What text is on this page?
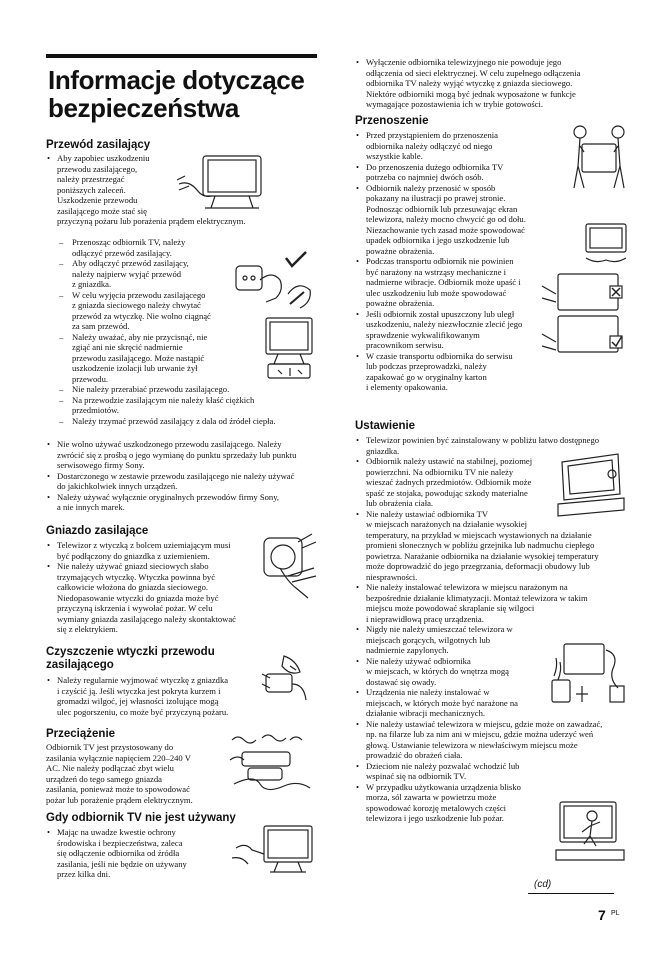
Informacje dotyczące bezpieczeństwa
Przewód zasilający

• Aby zapobiec uszkodzeniu

przewodu zasilającego,

należy przestrzegać

poniższych zaleceń.

Uszkodzenie przewodu

zasilającego może stać się

przyczyną pożaru lub porażenia prądem elektrycznym.

– Przenosząc odbiornik TV, należy
odłączyć przewód zasilający.
– Aby odłączyć przewód zasilający,
należy najpierw wyjąć przewód
z gniazdka.
– W celu wyjęcia przewodu zasilającego
z gniazda sieciowego należy chwytać
przewód za wtyczkę. Nie wolno ciągnąć
za sam przewód.
– Należy uważać, aby nie przycisnąć, nie
zgiąć ani nie skręcić nadmiernie
przewodu zasilającego. Może nastąpić
uszkodzenie izolacji lub urwanie żył
przewodu.
– Nie należy przerabiać przewodu zasilającego.
– Na przewodzie zasilającym nie należy kłaść ciężkich
przedmiotów.
– Należy trzymać przewód zasilający z dala od źródeł ciepła.
• Nie wolno używać uszkodzonego przewodu zasilającego. Należy
zwrócić się z prośbą o jego wymianę do punktu sprzedaży lub punktu
serwisowego firmy Sony.
• Dostarczonego w zestawie przewodu zasilającego nie należy używać
do jakichkolwiek innych urządzeń.
• Należy używać wyłącznie oryginalnych przewodów firmy Sony,
a nie innych marek.
Gniazdo zasilające
• Telewizor z wtyczką z bolcem uziemiającym musi
być podłączony do gniazdka z uziemieniem.
• Nie należy używać gniazd sieciowych słabo
trzymających wtyczkę. Wtyczka powinna być
całkowicie włożona do gniazda sieciowego.
Niedopasowanie wtyczki do gniazda może być
przyczyną iskrzenia i wywołać pożar. W celu
wymiany gniazda zasilającego należy skontaktować
się z elektrykiem.
Czyszczenie wtyczki przewodu
zasilającego
• Należy regularnie wyjmować wtyczkę z gniazdka
i czyścić ją. Jeśli wtyczka jest pokryta kurzem i
gromadzi wilgoć, jej własności izolujące mogą
ulec pogorszeniu, co może być przyczyną pożaru.
Przeciążenie

Odbiornik TV jest przystosowany do

zasilania wyłącznie napięciem 220–240 V

AC. Nie należy podłączać zbyt wielu

urządzeń do tego samego gniazda

zasilania, ponieważ może to spowodować

pożar lub porażenie prądem elektrycznym.

Gdy odbiornik TV nie jest używany
• Mając na uwadze kwestie ochrony
środowiska i bezpieczeństwa, zaleca
się odłączenie odbiornika od źródła
zasilania, jeśli nie będzie on używany
przez kilka dni.
• Wyłączenie odbiornika telewizyjnego nie powoduje jego
odłączenia od sieci elektrycznej. W celu zupełnego odłączenia
odbiornika TV należy wyjąć wtyczkę z gniazda sieciowego.
Niektóre odbiorniki mogą być jednak wyposażone w funkcje
wymagające pozostawienia ich w trybie gotowości.
Przenoszenie
• Przed przystąpieniem do przenoszenia
odbiornika należy odłączyć od niego
wszystkie kable.
• Do przenoszenia dużego odbiornika TV
potrzeba co najmniej dwóch osób.
• Odbiornik należy przenosić w sposób
pokazany na ilustracji po prawej stronie.
Podnosząc odbiornik lub przesuwając ekran
telewizora, należy mocno chwycić go od dołu.
Niezachowanie tych zasad może spowodować
upadek odbiornika i jego uszkodzenie lub
poważne obrażenia.
• Podczas transportu odbiornik nie powinien
być narażony na wstrząsy mechaniczne i
nadmierne wibracje. Odbiornik może upaść i
ulec uszkodzeniu lub może spowodować
poważne obrażenia.
• Jeśli odbiornik został upuszczony lub uległ
uszkodzeniu, należy niezwłocznie zlecić jego
sprawdzenie wykwalifikowanym
pracownikom serwisu.
• W czasie transportu odbiornika do serwisu
lub podczas przeprowadzki, należy
zapakować go w oryginalny karton
i elementy opakowania.
Ustawienie
• Telewizor powinien być zainstalowany w pobliżu łatwo dostępnego
gniazdka.
• Odbiornik należy ustawić na stabilnej, poziomej
powierzchni. Na odbiorniku TV nie należy
wieszać żadnych przedmiotów. Odbiornik może
spaść ze stojaka, powodując szkody materialne
lub obrażenia ciała.
• Nie należy ustawiać odbiornika TV
w miejscach narażonych na działanie wysokiej
temperatury, na przykład w miejscach wystawionych na działanie
promieni słonecznych w pobliżu grzejnika lub nadmuchu ciepłego
powietrza. Narażanie odbiornika na działanie wysokiej temperatury
może doprowadzić do jego przegrzania, deformacji obudowy lub
niesprawności.
• Nie należy instalować telewizora w miejscu narażonym na
bezpośrednie działanie klimatyzacji. Montaż telewizora w takim
miejscu może powodować skraplanie się wilgoci
i nieprawidłową pracę urządzenia.
• Nigdy nie należy umieszczać telewizora w
miejscach gorących, wilgotnych lub
nadmiernie zapylonych.
• Nie należy używać odbiornika
w miejscach, w których do wnętrza mogą
dostawać się owady.
• Urządzenia nie należy instalować w
miejscach, w których może być narażone na
działanie wibracji mechanicznych.
• Nie należy ustawiać telewizora w miejscu, gdzie może on zawadzać,
np. na filarze lub za nim ani w miejscu, gdzie można uderzyć weń
głową. Ustawianie telewizora w niewłaściwym miejscu może
prowadzić do obrażeń ciała.
• Dzieciom nie należy pozwalać wchodzić lub
wspinać się na odbiornik TV.
• W przypadku użytkowania urządzenia blisko
morza, sól zawarta w powietrzu może
spowodować korozję metalowych części
telewizora i jego uszkodzenie lub pożar.
(cd)
7 PL
